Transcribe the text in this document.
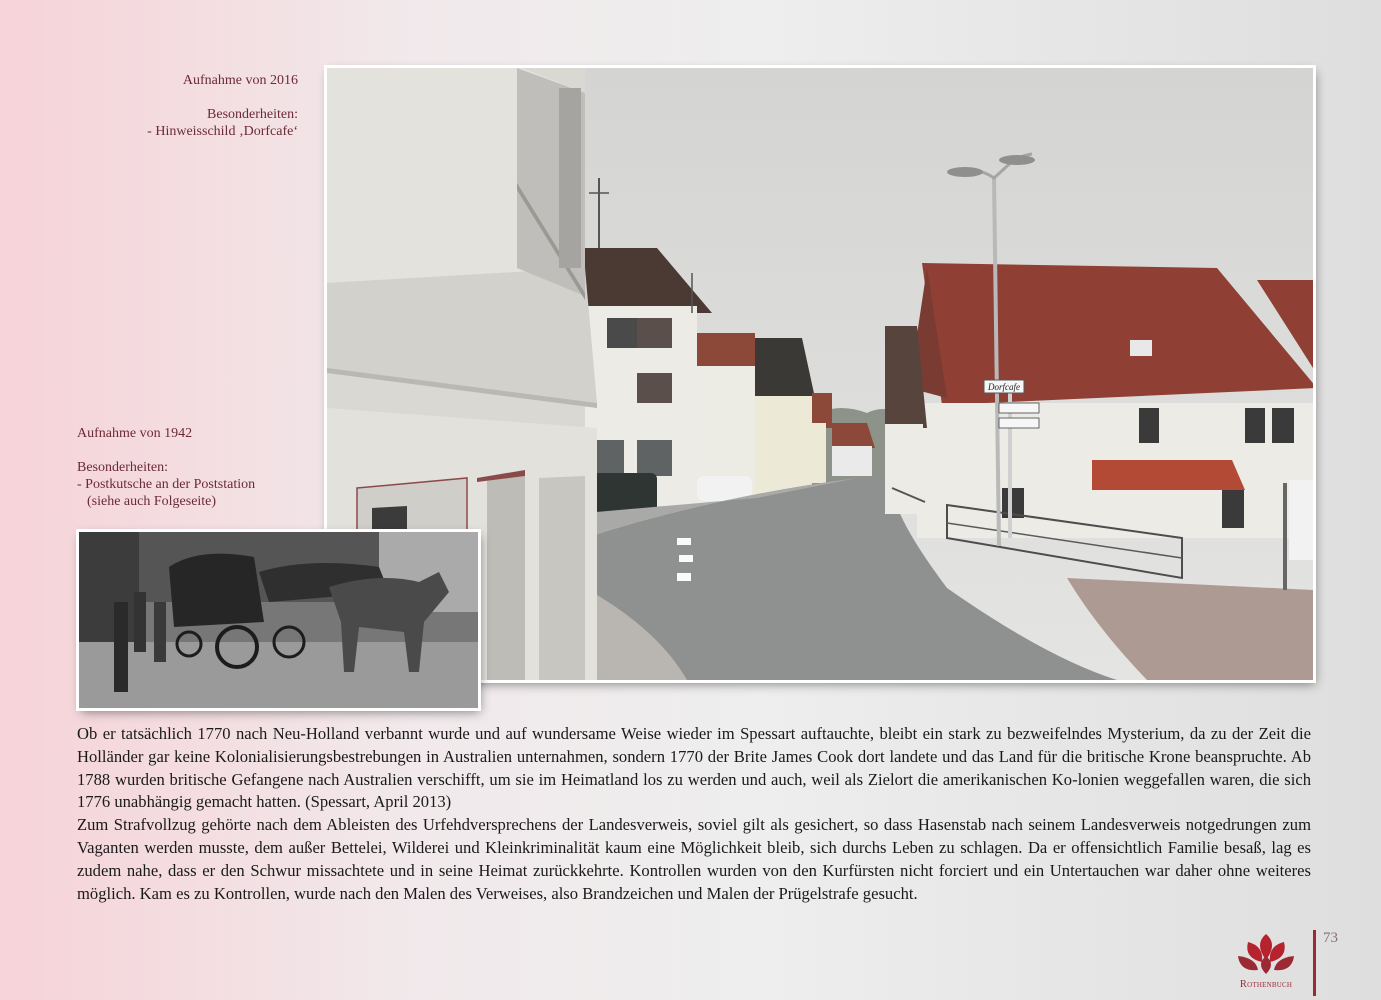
Aufnahme von 2016

Besonderheiten:

- Hinweisschild ‚Dorfcafe‘

Aufnahme von 1942

Besonderheiten:

- Postkutsche an der Poststation

(siehe auch Folgeseite)

Dorfcafe

Ob er tatsächlich 1770 nach Neu-Holland verbannt wurde und auf wundersame Weise wieder im Spessart auftauchte, bleibt ein stark zu bezweifelndes Mysterium, da zu der Zeit die Holländer gar keine Kolonialisierungsbestrebungen in Australien unternahmen, sondern 1770 der Brite James Cook dort landete und das Land für die britische Krone beanspruchte. Ab 1788 wurden britische Gefangene nach Australien verschifft, um sie im Heimatland los zu werden und auch, weil als Zielort die amerikanischen Ko-lonien weggefallen waren, die sich 1776 unabhängig gemacht hatten. (Spessart, April 2013)

Zum Strafvollzug gehörte nach dem Ableisten des Urfehdversprechens der Landesverweis, soviel gilt als gesichert, so dass Hasenstab nach seinem Landesverweis notgedrungen zum Vaganten werden musste, dem außer Bettelei, Wilderei und Kleinkriminalität kaum eine Möglichkeit bleib, sich durchs Leben zu schlagen. Da er offensichtlich Familie besaß, lag es zudem nahe, dass er den Schwur missachtete und in seine Heimat zurückkehrte. Kontrollen wurden von den Kurfürsten nicht forciert und ein Untertauchen war daher ohne weiteres möglich. Kam es zu Kontrollen, wurde nach den Malen des Verweises, also Brandzeichen und Malen der Prügelstrafe gesucht.

Rothenbuch
73
